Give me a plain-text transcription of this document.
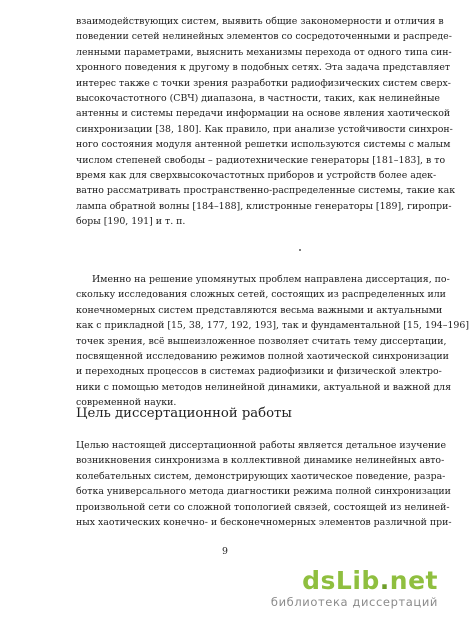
взаимодействующих систем, выявить общие закономерности и отличия в
поведении сетей нелинейных элементов со сосредоточенными и распреде-
ленными параметрами, выяснить механизмы перехода от одного типа син-
хронного поведения к другому в подобных сетях. Эта задача представляет
интерес также с точки зрения разработки радиофизических систем сверх-
высокочастотного (СВЧ) диапазона, в частности, таких, как нелинейные
антенны и системы передачи информации на основе явления хаотической
синхронизации [38, 180]. Как правило, при анализе устойчивости синхрон-
ного состояния модуля антенной решетки используются системы с малым
числом степеней свободы – радиотехнические генераторы [181–183], в то
время как для сверхвысокочастотных приборов и устройств более адек-
ватно рассматривать пространственно-распределенные системы, такие как
лампа обратной волны [184–188], клистронные генераторы [189], гиропри-
боры [190, 191] и т. п.
Именно на решение упомянутых проблем направлена диссертация, по-
скольку исследования сложных сетей, состоящих из распределенных или
конечномерных систем представляются весьма важными и актуальными
как с прикладной [15, 38, 177, 192, 193], так и фундаментальной [15, 194–196]
точек зрения, всё вышеизложенное позволяет считать тему диссертации,
посвященной исследованию режимов полной хаотической синхронизации
и переходных процессов в системах радиофизики и физической электро-
ники с помощью методов нелинейной динамики, актуальной и важной для
современной науки.
Цель диссертационной работы
Целью настоящей диссертационной работы является детальное изучение
возникновения синхронизма в коллективной динамике нелинейных авто-
колебательных систем, демонстрирующих хаотическое поведение, разра-
ботка универсального метода диагностики режима полной синхронизации
произвольной сети со сложной топологией связей, состоящей из нелиней-
ных хаотических конечно- и бесконечномерных элементов различной при-
9
dsLib.net
библиотека диссертаций
